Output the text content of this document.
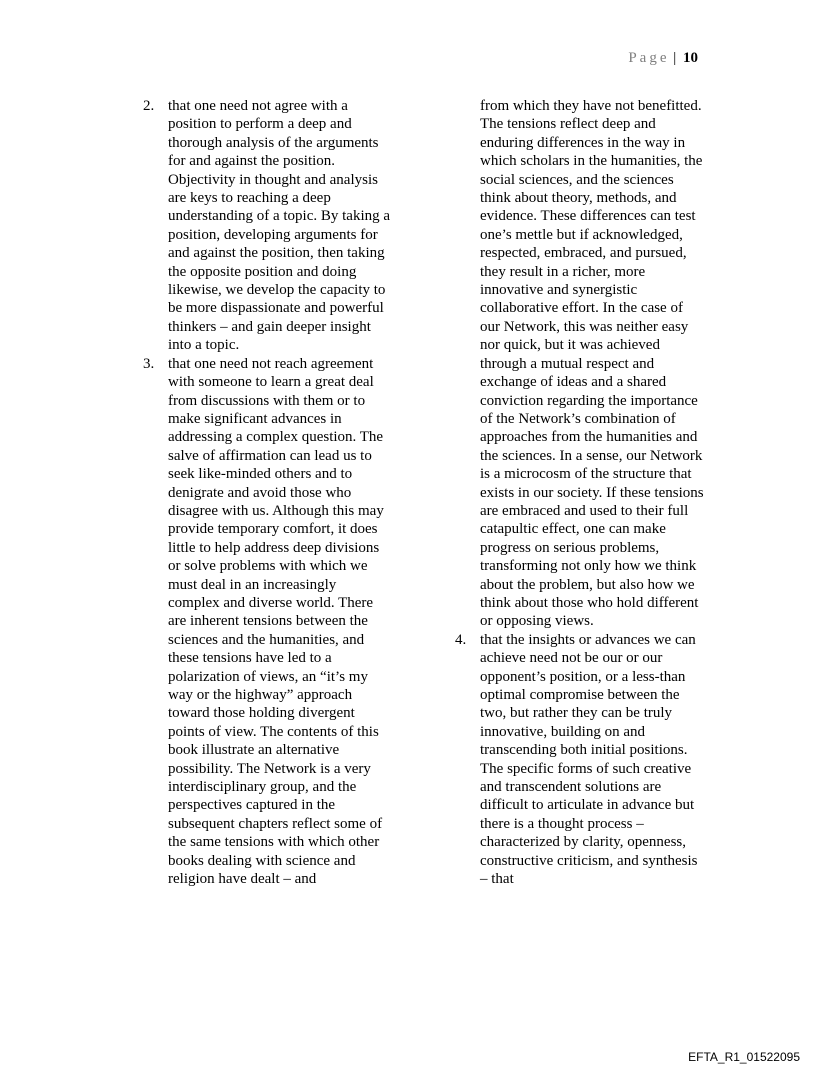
Page | 10
2. that one need not agree with a position to perform a deep and thorough analysis of the arguments for and against the position. Objectivity in thought and analysis are keys to reaching a deep understanding of a topic. By taking a position, developing arguments for and against the position, then taking the opposite position and doing likewise, we develop the capacity to be more dispassionate and powerful thinkers – and gain deeper insight into a topic.
3. that one need not reach agreement with someone to learn a great deal from discussions with them or to make significant advances in addressing a complex question. The salve of affirmation can lead us to seek like-minded others and to denigrate and avoid those who disagree with us. Although this may provide temporary comfort, it does little to help address deep divisions or solve problems with which we must deal in an increasingly complex and diverse world. There are inherent tensions between the sciences and the humanities, and these tensions have led to a polarization of views, an “it’s my way or the highway” approach toward those holding divergent points of view. The contents of this book illustrate an alternative possibility. The Network is a very interdisciplinary group, and the perspectives captured in the subsequent chapters reflect some of the same tensions with which other books dealing with science and religion have dealt – and
from which they have not benefitted. The tensions reflect deep and enduring differences in the way in which scholars in the humanities, the social sciences, and the sciences think about theory, methods, and evidence. These differences can test one’s mettle but if acknowledged, respected, embraced, and pursued, they result in a richer, more innovative and synergistic collaborative effort. In the case of our Network, this was neither easy nor quick, but it was achieved through a mutual respect and exchange of ideas and a shared conviction regarding the importance of the Network’s combination of approaches from the humanities and the sciences. In a sense, our Network is a microcosm of the structure that exists in our society. If these tensions are embraced and used to their full catapultic effect, one can make progress on serious problems, transforming not only how we think about the problem, but also how we think about those who hold different or opposing views.
4. that the insights or advances we can achieve need not be our or our opponent’s position, or a less-than optimal compromise between the two, but rather they can be truly innovative, building on and transcending both initial positions. The specific forms of such creative and transcendent solutions are difficult to articulate in advance but there is a thought process – characterized by clarity, openness, constructive criticism, and synthesis – that
EFTA_R1_01522095
